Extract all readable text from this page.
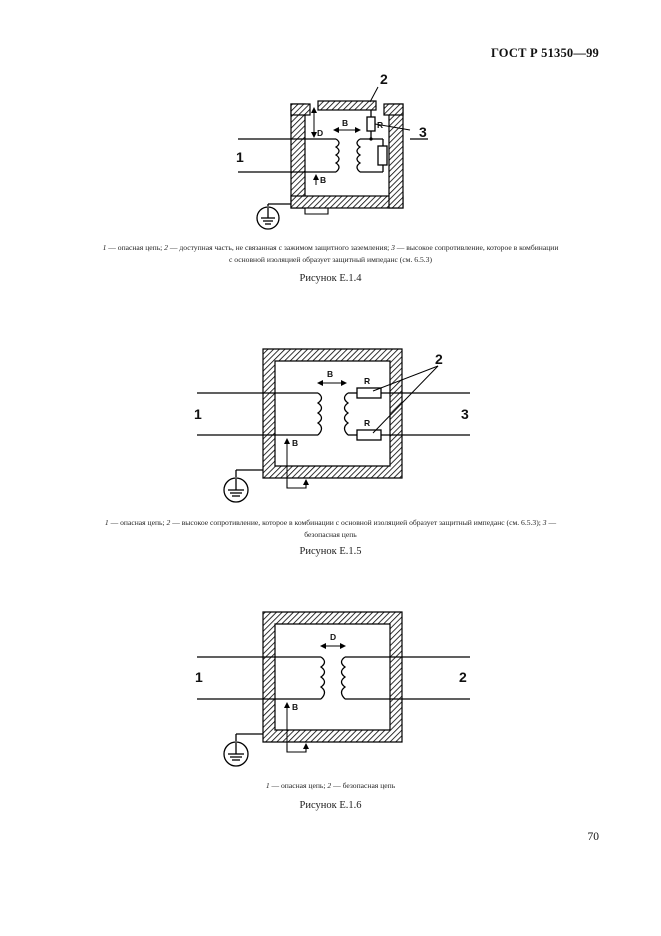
ГОСТ Р 51350—99
1
2
3
B
D
R
B
1	3
2
B
R
R
B
1	2
D
B
1 — опасная цепь; 2 — доступная часть, не связанная с зажимом защитного заземления; 3 — высокое сопротивление, которое в комбинации с основной изоляцией образует защитный импеданс (см. 6.5.3)
Рисунок E.1.4
1 — опасная цепь; 2 — высокое сопротивление, которое в комбинации с основной изоляцией образует защитный импеданс (см. 6.5.3); 3 — безопасная цепь
Рисунок E.1.5
1 — опасная цепь; 2 — безопасная цепь
Рисунок E.1.6
70
